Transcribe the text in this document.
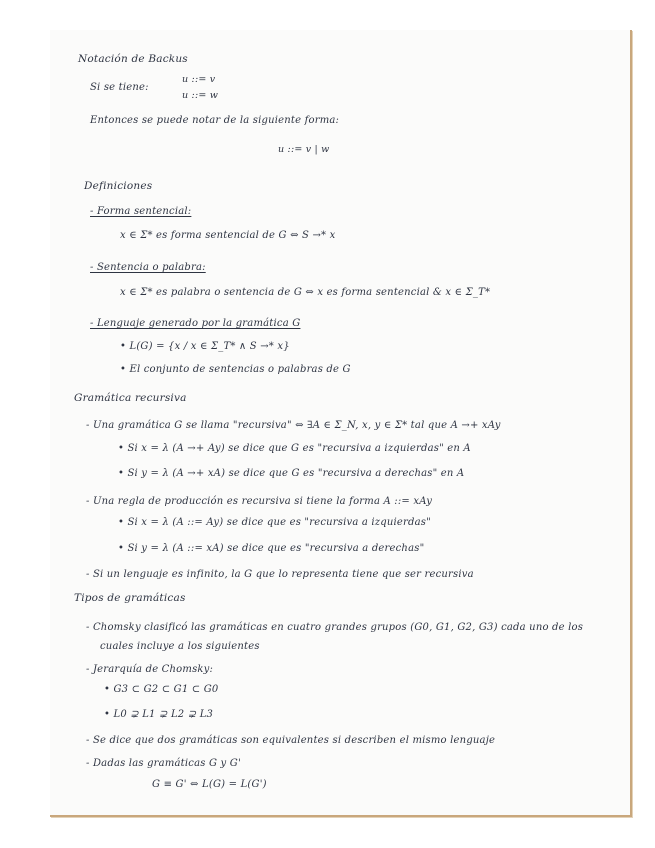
Notación de Backus
Si se tiene:
u ::= v
u ::= w
Entonces se puede notar de la siguiente forma:
u ::= v | w
Definiciones
- Forma sentencial:
x ∈ Σ* es forma sentencial de G ⇔ S →* x
- Sentencia o palabra:
x ∈ Σ* es palabra o sentencia de G ⇔ x es forma sentencial & x ∈ Σ_T*
- Lenguaje generado por la gramática G
• L(G) = {x / x ∈ Σ_T* ∧ S →* x}
• El conjunto de sentencias o palabras de G
Gramática recursiva
- Una gramática G se llama "recursiva" ⇔ ∃A ∈ Σ_N, x, y ∈ Σ* tal que A →+ xAy
• Si x = λ (A →+ Ay) se dice que G es "recursiva a izquierdas" en A
• Si y = λ (A →+ xA) se dice que G es "recursiva a derechas" en A
- Una regla de producción es recursiva si tiene la forma A ::= xAy
• Si x = λ (A ::= Ay) se dice que es "recursiva a izquierdas"
• Si y = λ (A ::= xA) se dice que es "recursiva a derechas"
- Si un lenguaje es infinito, la G que lo representa tiene que ser recursiva
Tipos de gramáticas
- Chomsky clasificó las gramáticas en cuatro grandes grupos (G0, G1, G2, G3) cada uno de los
cuales incluye a los siguientes
- Jerarquía de Chomsky:
• G3 ⊂ G2 ⊂ G1 ⊂ G0
• L0 ⊋ L1 ⊋ L2 ⊋ L3
- Se dice que dos gramáticas son equivalentes si describen el mismo lenguaje
- Dadas las gramáticas G y G'
G ≡ G' ⇔ L(G) = L(G')
